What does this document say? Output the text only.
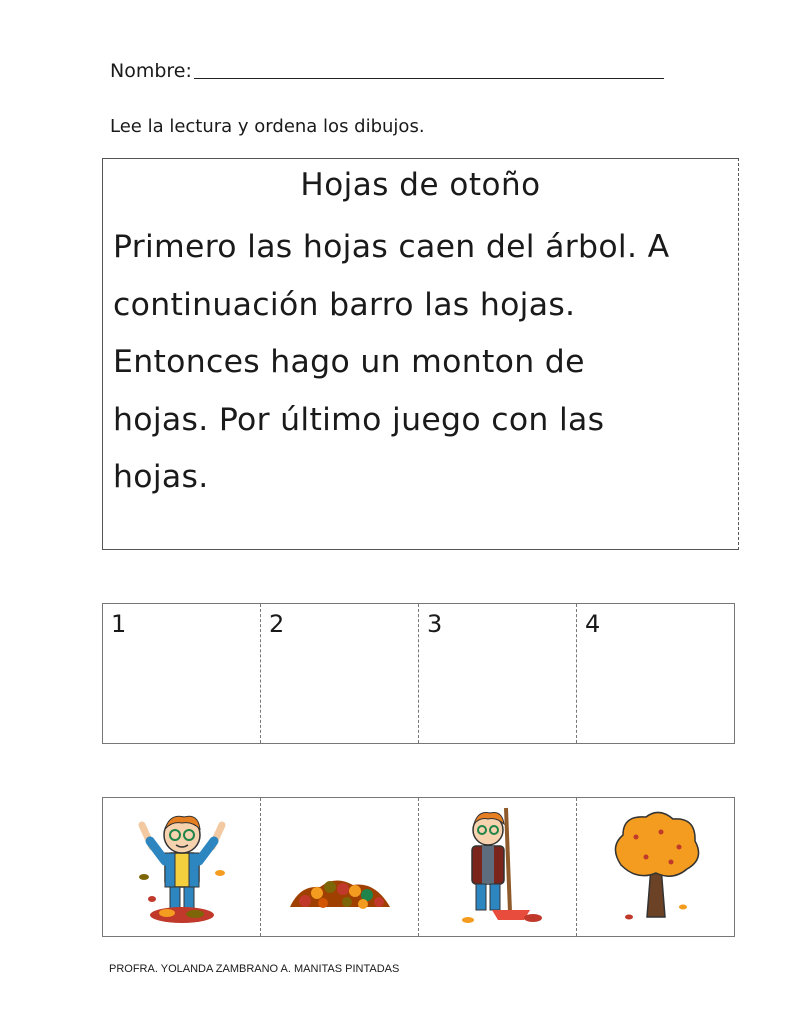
Nombre:
Lee la lectura y ordena los dibujos.
Hojas de otoño
Primero las hojas caen del árbol. A
continuación barro las hojas.
Entonces hago un monton de
hojas. Por último juego con las
hojas.
1	2	3	4
PROFRA. YOLANDA ZAMBRANO A. MANITAS PINTADAS
